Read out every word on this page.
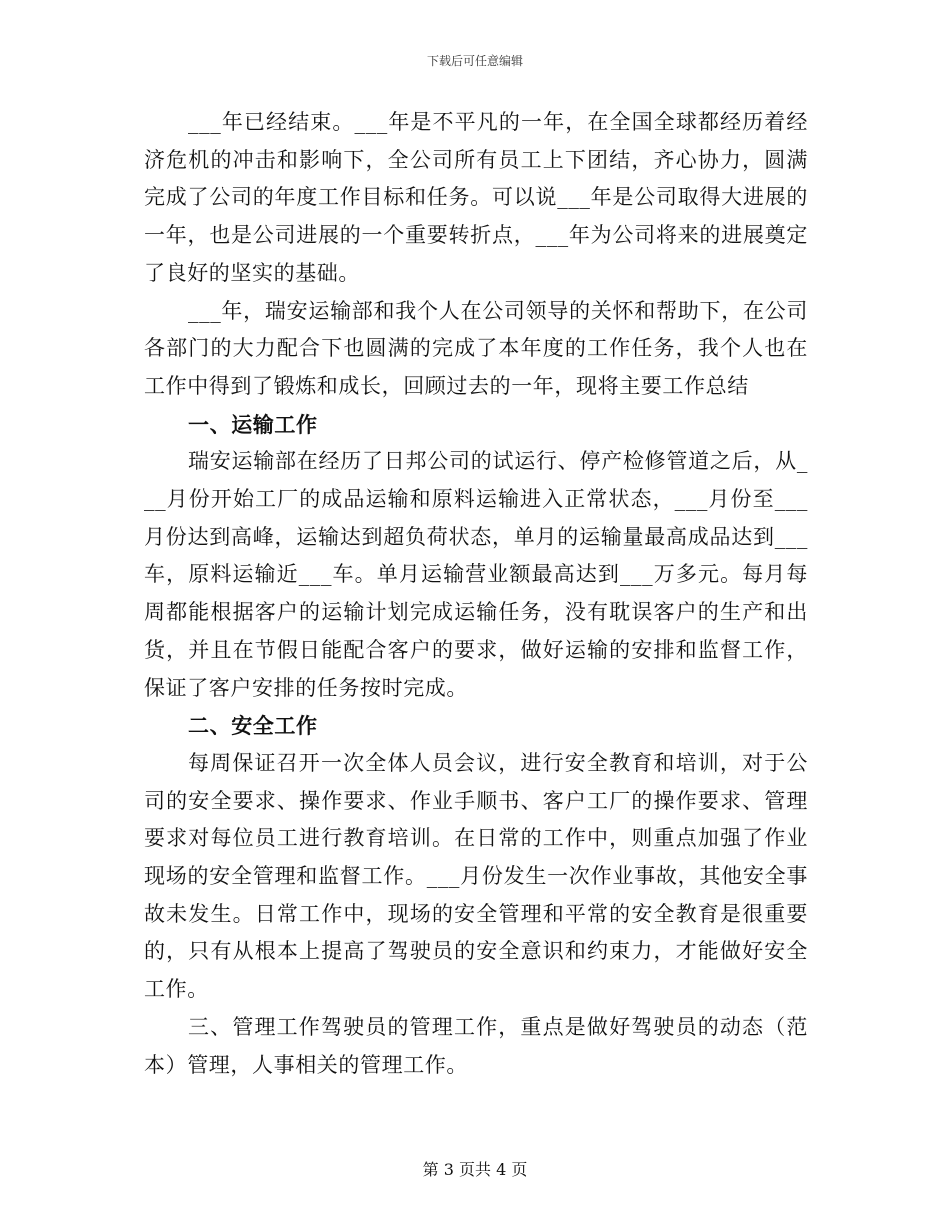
下载后可任意编辑

___年已经结束。___年是不平凡的一年，在全国全球都经历着经济危机的冲击和影响下，全公司所有员工上下团结，齐心协力，圆满完成了公司的年度工作目标和任务。可以说___年是公司取得大进展的一年，也是公司进展的一个重要转折点，___年为公司将来的进展奠定了良好的坚实的基础。

___年，瑞安运输部和我个人在公司领导的关怀和帮助下，在公司各部门的大力配合下也圆满的完成了本年度的工作任务，我个人也在工作中得到了锻炼和成长，回顾过去的一年，现将主要工作总结

一、运输工作

瑞安运输部在经历了日邦公司的试运行、停产检修管道之后，从___月份开始工厂的成品运输和原料运输进入正常状态，___月份至___月份达到高峰，运输达到超负荷状态，单月的运输量最高成品达到___车，原料运输近___车。单月运输营业额最高达到___万多元。每月每周都能根据客户的运输计划完成运输任务，没有耽误客户的生产和出货，并且在节假日能配合客户的要求，做好运输的安排和监督工作，保证了客户安排的任务按时完成。

二、安全工作

每周保证召开一次全体人员会议，进行安全教育和培训，对于公司的安全要求、操作要求、作业手顺书、客户工厂的操作要求、管理要求对每位员工进行教育培训。在日常的工作中，则重点加强了作业现场的安全管理和监督工作。___月份发生一次作业事故，其他安全事故未发生。日常工作中，现场的安全管理和平常的安全教育是很重要的，只有从根本上提高了驾驶员的安全意识和约束力，才能做好安全工作。

三、管理工作驾驶员的管理工作，重点是做好驾驶员的动态（范本）管理，人事相关的管理工作。

第 3 页共 4 页
